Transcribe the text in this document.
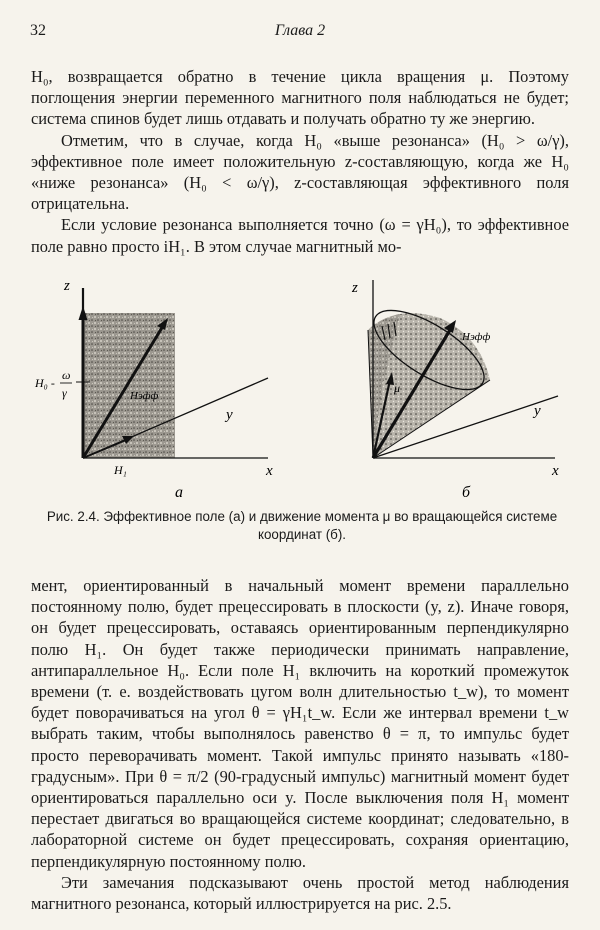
32	Глава 2

H₀, возвращается обратно в течение цикла вращения μ. Поэтому поглощения энергии переменного магнитного поля наблюдаться не будет; система спинов будет лишь отдавать и получать обратно ту же энергию.

Отметим, что в случае, когда H₀ «выше резонанса» (H₀ > ω/γ), эффективное поле имеет положительную z-составляющую, когда же H₀ «ниже резонанса» (H₀ < ω/γ), z-составляющая эффективного поля отрицательна.

Если условие резонанса выполняется точно (ω = γH₀), то эффективное поле равно просто iH₁. В этом случае магнитный мо-

z
x
y
H₁
Hэфф
H₀ -
ω
γ
а
z
x
y
Hэфф
μ
б
Рис. 2.4. Эффективное поле (а) и движение момента μ во вращающейся системе координат (б).

мент, ориентированный в начальный момент времени параллельно постоянному полю, будет прецессировать в плоскости (y, z). Иначе говоря, он будет прецессировать, оставаясь ориентированным перпендикулярно полю H₁. Он будет также периодически принимать направление, антипараллельное H₀. Если поле H₁ включить на короткий промежуток времени (т. е. воздействовать цугом волн длительностью t_w), то момент будет поворачиваться на угол θ = γH₁t_w. Если же интервал времени t_w выбрать таким, чтобы выполнялось равенство θ = π, то импульс будет просто переворачивать момент. Такой импульс принято называть «180-градусным». При θ = π/2 (90-градусный импульс) магнитный момент будет ориентироваться параллельно оси y. После выключения поля H₁ момент перестает двигаться во вращающейся системе координат; следовательно, в лабораторной системе он будет прецессировать, сохраняя ориентацию, перпендикулярную постоянному полю.

Эти замечания подсказывают очень простой метод наблюдения магнитного резонанса, который иллюстрируется на рис. 2.5.
